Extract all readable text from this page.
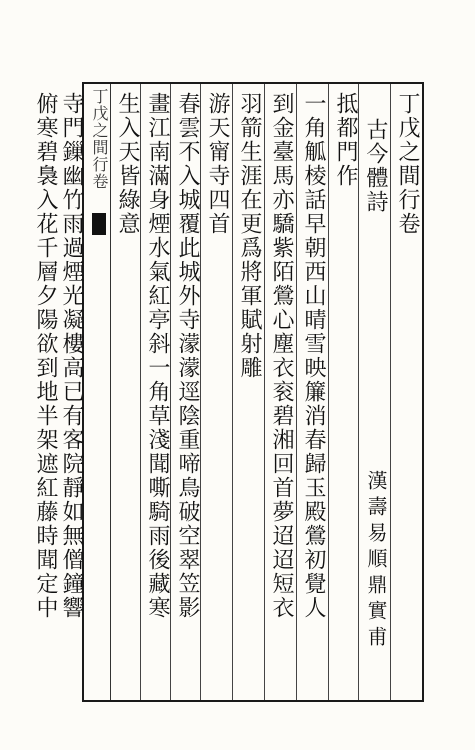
丁戊之間行卷	丁戊之間行卷
古今體詩
漢壽易順鼎實甫
抵都門作
一角觚棱話早朝西山晴雪映簾消春歸玉殿鶯初覺人
到金臺馬亦驕紫陌鶯心塵衣衮碧湘回首夢迢迢短衣
羽箭生涯在更爲將軍賦射雕
游天甯寺四首
春雲不入城覆此城外寺濛濛逕陰重啼鳥破空翠笠影
畫江南滿身煙水氣紅亭斜一角草淺聞嘶騎雨後藏寒
生入天皆綠意
寺門鏁幽竹雨過煙光凝樓高已有客院靜如無僧鐘響
俯寒碧裊入花千層夕陽欲到地半架遮紅藤時聞定中
